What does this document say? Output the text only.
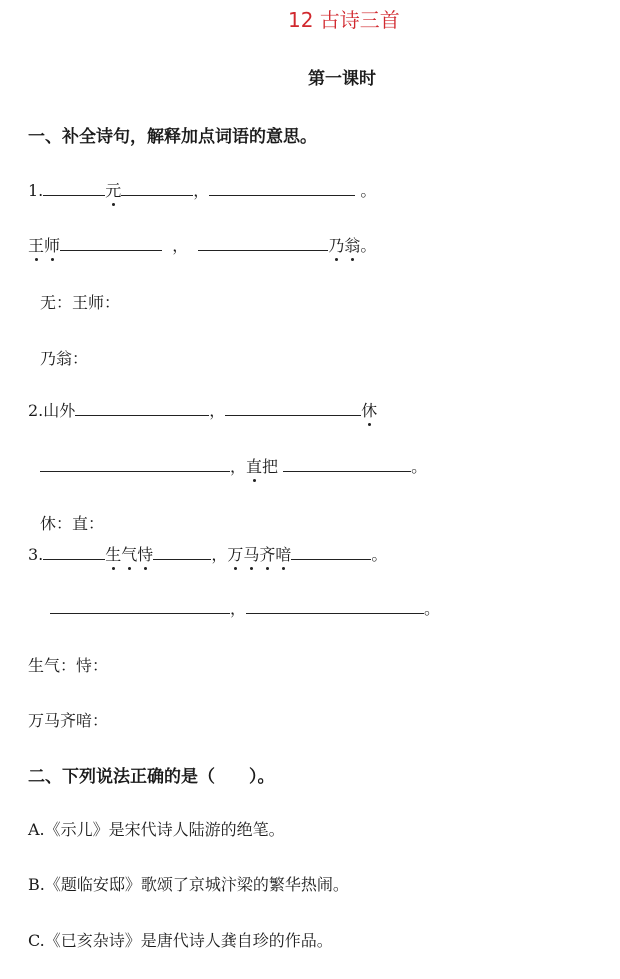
12 古诗三首
第一课时
一、补全诗句，解释加点词语的意思。
1.	元	，	。
王师	，	乃翁。
无：王师：
乃翁：
2.山外	，	休
，直把	。
休：直：
3.	生气恃	，万马齐喑	。
，	。
生气：恃：
万马齐喑：
二、下列说法正确的是（　　）。
A.《示儿》是宋代诗人陆游的绝笔。
B.《题临安邸》歌颂了京城汴梁的繁华热闹。
C.《已亥杂诗》是唐代诗人龚自珍的作品。
